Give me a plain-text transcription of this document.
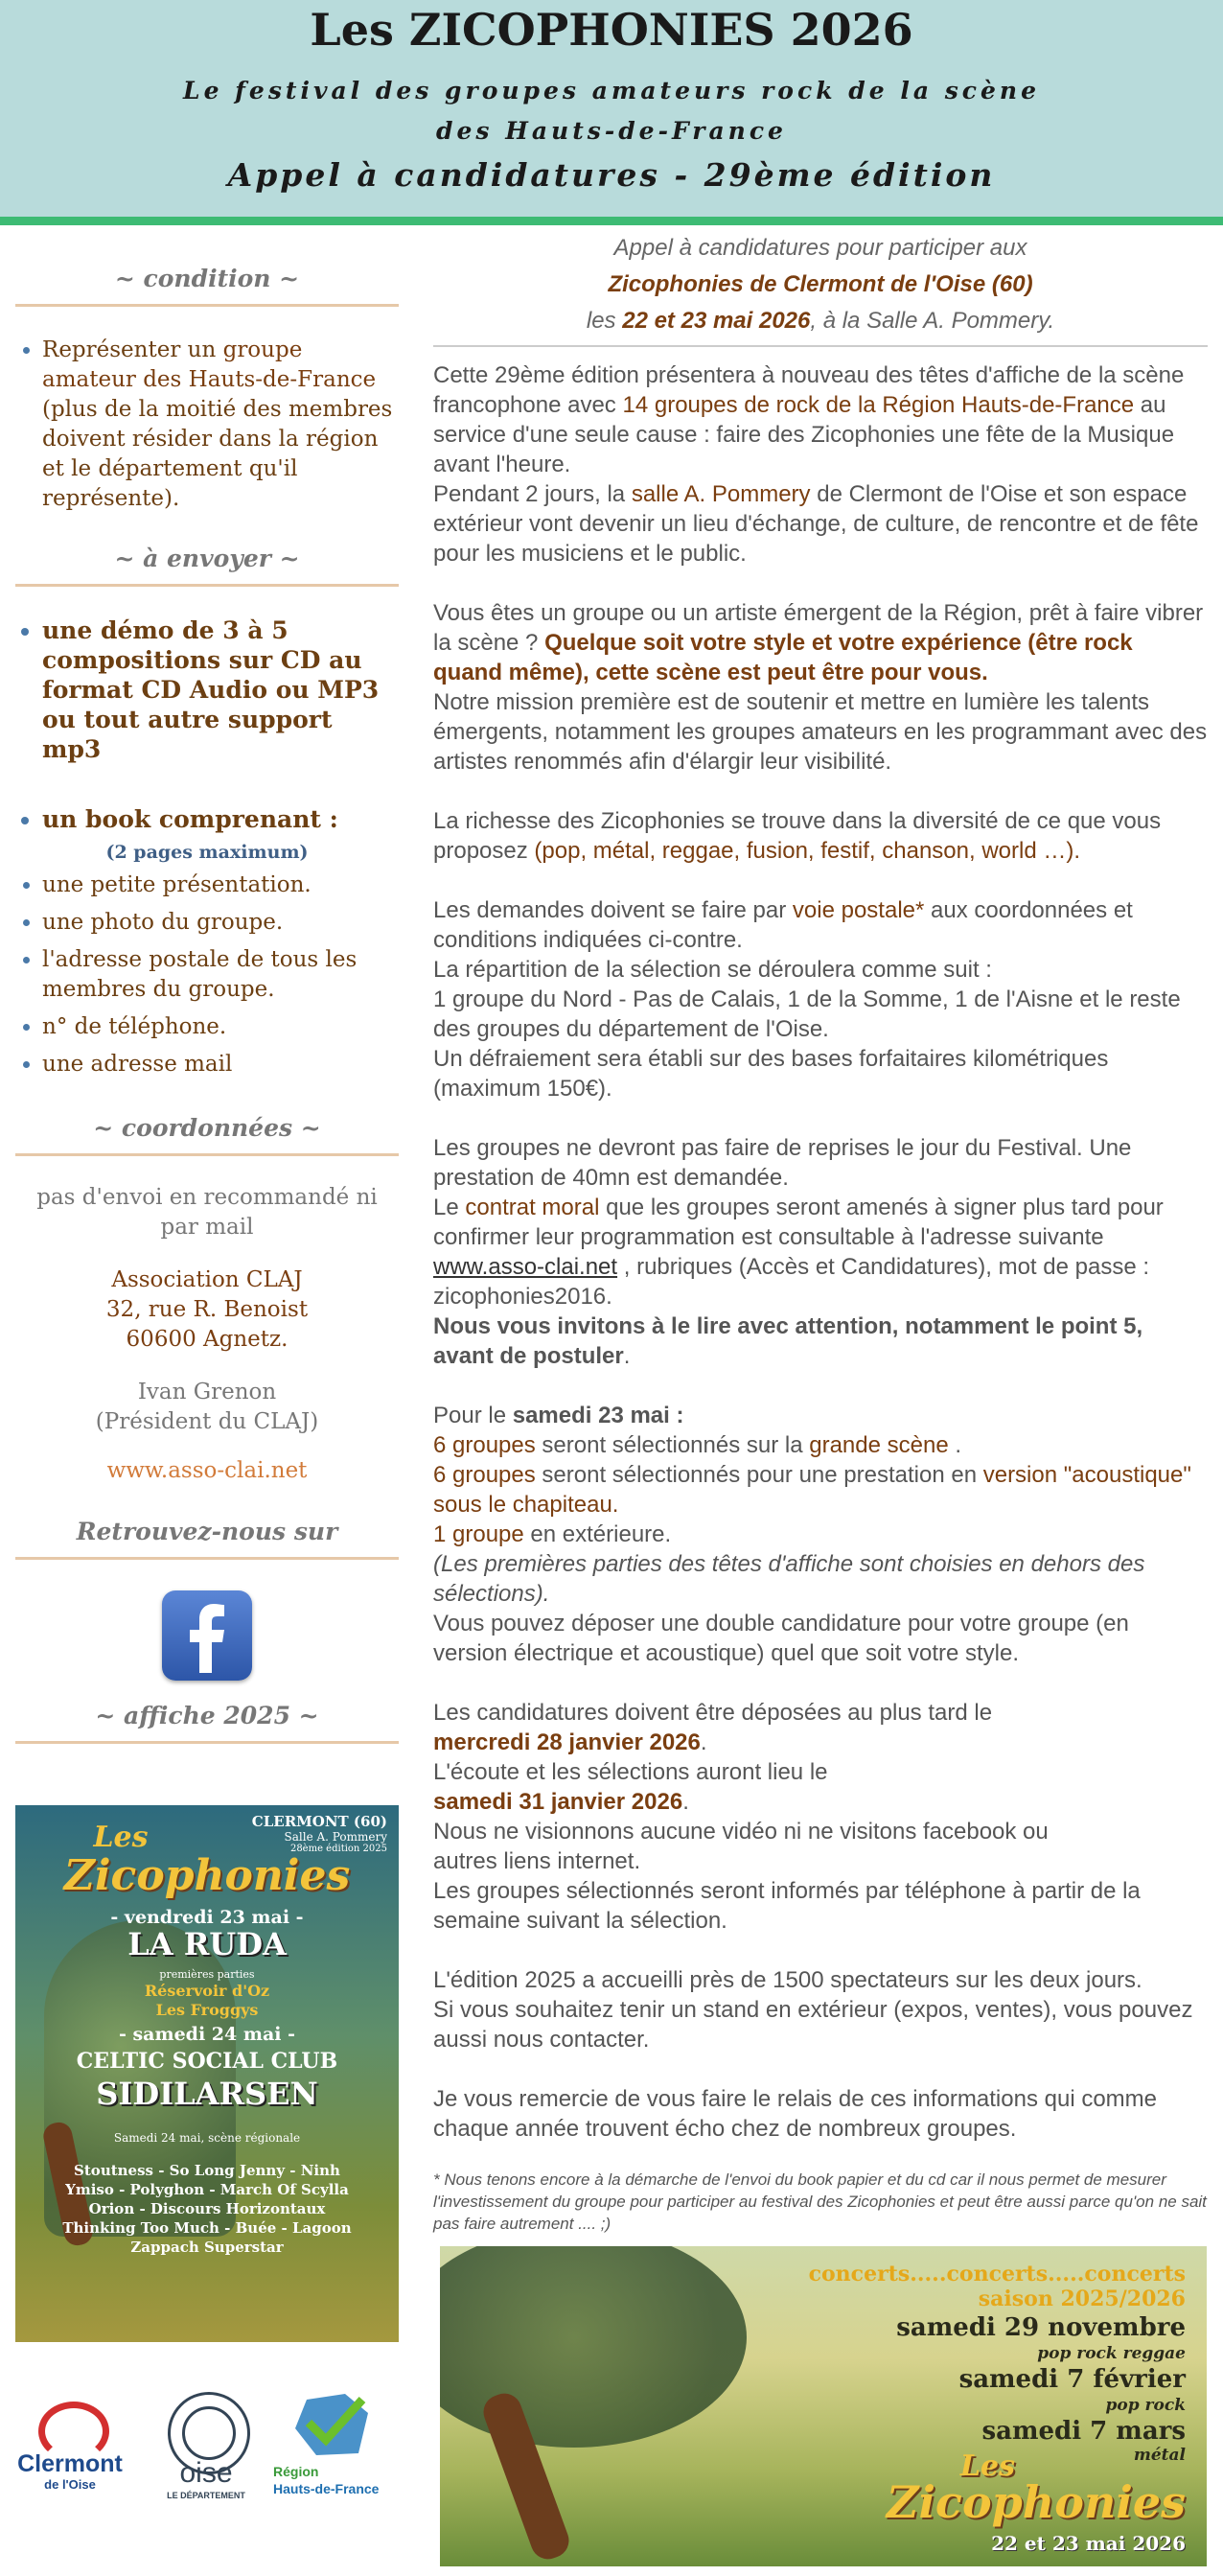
Les ZICOPHONIES 2026
Le festival des groupes amateurs rock de la scène
des Hauts-de-France
Appel à candidatures - 29ème édition
~ condition ~
• Représenter un groupe amateur des Hauts-de-France (plus de la moitié des membres doivent résider dans la région et le département qu'il représente).
~ à envoyer ~
• une démo de 3 à 5 compositions sur CD au format CD Audio ou MP3 ou tout autre support mp3
• un book comprenant :
(2 pages maximum)
• une petite présentation.
• une photo du groupe.
• l'adresse postale de tous les membres du groupe.
• n° de téléphone.
• une adresse mail
~ coordonnées ~
pas d'envoi en recommandé ni par mail
Association CLAJ
32, rue R. Benoist
60600 Agnetz.
Ivan Grenon
(Président du CLAJ)
www.asso-clai.net
Retrouvez-nous sur
~ affiche 2025 ~
CLERMONT (60)
Salle A. Pommery
28ème édition 2025
Les
Zicophonies
- vendredi 23 mai -
LA RUDA
premières parties
Réservoir d'Oz
Les Froggys
- samedi 24 mai -
CELTIC SOCIAL CLUB
SIDILARSEN
Samedi 24 mai, scène régionale
Stoutness - So Long Jenny - Ninh
Ymiso - Polyghon - March Of Scylla
Orion - Discours Horizontaux
Thinking Too Much - Buée - Lagoon
Zappach Superstar
Clermont
de l'Oise	oise
LE DÉPARTEMENT
Région
Hauts-de-France
Appel à candidatures pour participer aux
Zicophonies de Clermont de l'Oise (60)
les 22 et 23 mai 2026, à la Salle A. Pommery.

Cette 29ème édition présentera à nouveau des têtes d'affiche de la scène francophone avec 14 groupes de rock de la Région Hauts-de-France au service d'une seule cause : faire des Zicophonies une fête de la Musique avant l'heure.

Pendant 2 jours, la salle A. Pommery de Clermont de l'Oise et son espace extérieur vont devenir un lieu d'échange, de culture, de rencontre et de fête pour les musiciens et le public.

Vous êtes un groupe ou un artiste émergent de la Région, prêt à faire vibrer la scène ? Quelque soit votre style et votre expérience (être rock quand même), cette scène est peut être pour vous.

Notre mission première est de soutenir et mettre en lumière les talents émergents, notamment les groupes amateurs en les programmant avec des artistes renommés afin d'élargir leur visibilité.

La richesse des Zicophonies se trouve dans la diversité de ce que vous proposez (pop, métal, reggae, fusion, festif, chanson, world …).

Les demandes doivent se faire par voie postale* aux coordonnées et conditions indiquées ci-contre.

La répartition de la sélection se déroulera comme suit :

1 groupe du Nord - Pas de Calais, 1 de la Somme, 1 de l'Aisne et le reste des groupes du département de l'Oise.

Un défraiement sera établi sur des bases forfaitaires kilométriques (maximum 150€).

Les groupes ne devront pas faire de reprises le jour du Festival. Une prestation de 40mn est demandée.

Le contrat moral que les groupes seront amenés à signer plus tard pour confirmer leur programmation est consultable à l'adresse suivante www.asso-clai.net , rubriques (Accès et Candidatures), mot de passe : zicophonies2016.

Nous vous invitons à le lire avec attention, notamment le point 5, avant de postuler.

Pour le samedi 23 mai :

6 groupes seront sélectionnés sur la grande scène .

6 groupes seront sélectionnés pour une prestation en version "acoustique" sous le chapiteau.

1 groupe en extérieure.

(Les premières parties des têtes d'affiche sont choisies en dehors des sélections).

Vous pouvez déposer une double candidature pour votre groupe (en version électrique et acoustique) quel que soit votre style.

Les candidatures doivent être déposées au plus tard le

mercredi 28 janvier 2026.

L'écoute et les sélections auront lieu le

samedi 31 janvier 2026.

Nous ne visionnons aucune vidéo ni ne visitons facebook ou autres liens internet.

Les groupes sélectionnés seront informés par téléphone à partir de la semaine suivant la sélection.

L'édition 2025 a accueilli près de 1500 spectateurs sur les deux jours.

Si vous souhaitez tenir un stand en extérieur (expos, ventes), vous pouvez aussi nous contacter.

Je vous remercie de vous faire le relais de ces informations qui comme chaque année trouvent écho chez de nombreux groupes.

* Nous tenons encore à la démarche de l'envoi du book papier et du cd car il nous permet de mesurer l'investissement du groupe pour participer au festival des Zicophonies et peut être aussi parce qu'on ne sait pas faire autrement .... ;)

concerts.....concerts.....concerts
saison 2025/2026
samedi 29 novembre
pop rock reggae
samedi 7 février
pop rock
samedi 7 mars
métal
Les
Zicophonies
22 et 23 mai 2026
